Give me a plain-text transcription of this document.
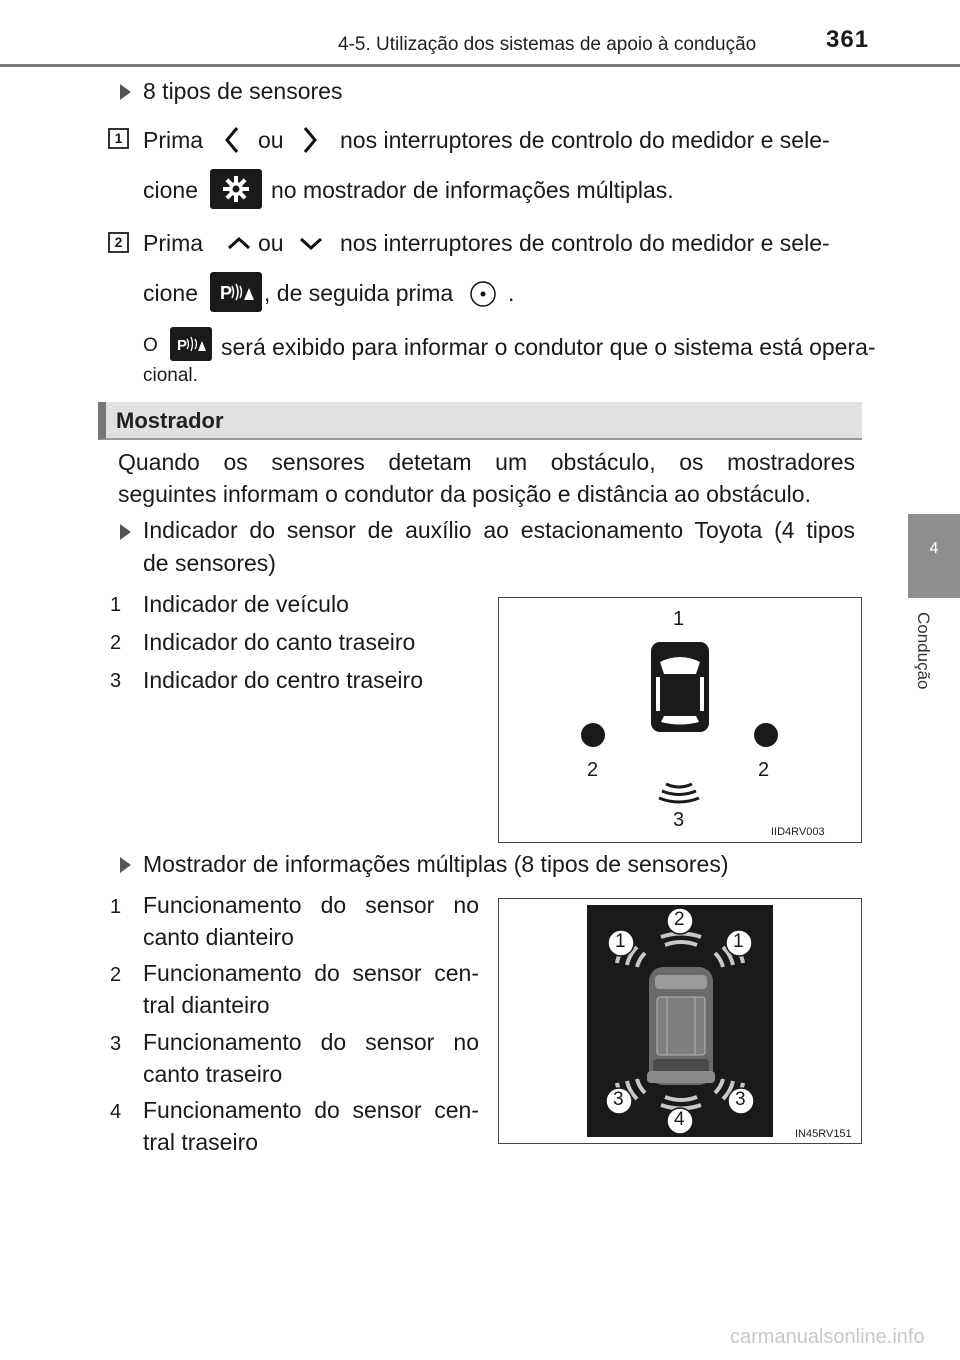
4-5. Utilização dos sistemas de apoio à condução	361
4
Condução
8 tipos de sensores
1 Prima ou nos interruptores de controlo do medidor e sele-
cione	no mostrador de informações múltiplas.
2 Prima ou nos interruptores de controlo do medidor e sele-
cione P , de seguida prima .
O P será exibido para informar o condutor que o sistema está opera-
cional.
Mostrador
Quando os sensores detetam um obstáculo, os mostradores
seguintes informam o condutor da posição e distância ao obstáculo.
Indicador do sensor de auxílio ao estacionamento Toyota (4 tipos
de sensores)
1 Indicador de veículo
2 Indicador do canto traseiro
3 Indicador do centro traseiro
1
2	2
3
IID4RV003
Mostrador de informações múltiplas (8 tipos de sensores)
1 Funcionamento do sensor no
canto dianteiro
2 Funcionamento do sensor cen-
tral dianteiro
3 Funcionamento do sensor no
canto traseiro
4 Funcionamento do sensor cen-
tral traseiro
2
1	1
3	3
4
IN45RV151
carmanualsonline.info
